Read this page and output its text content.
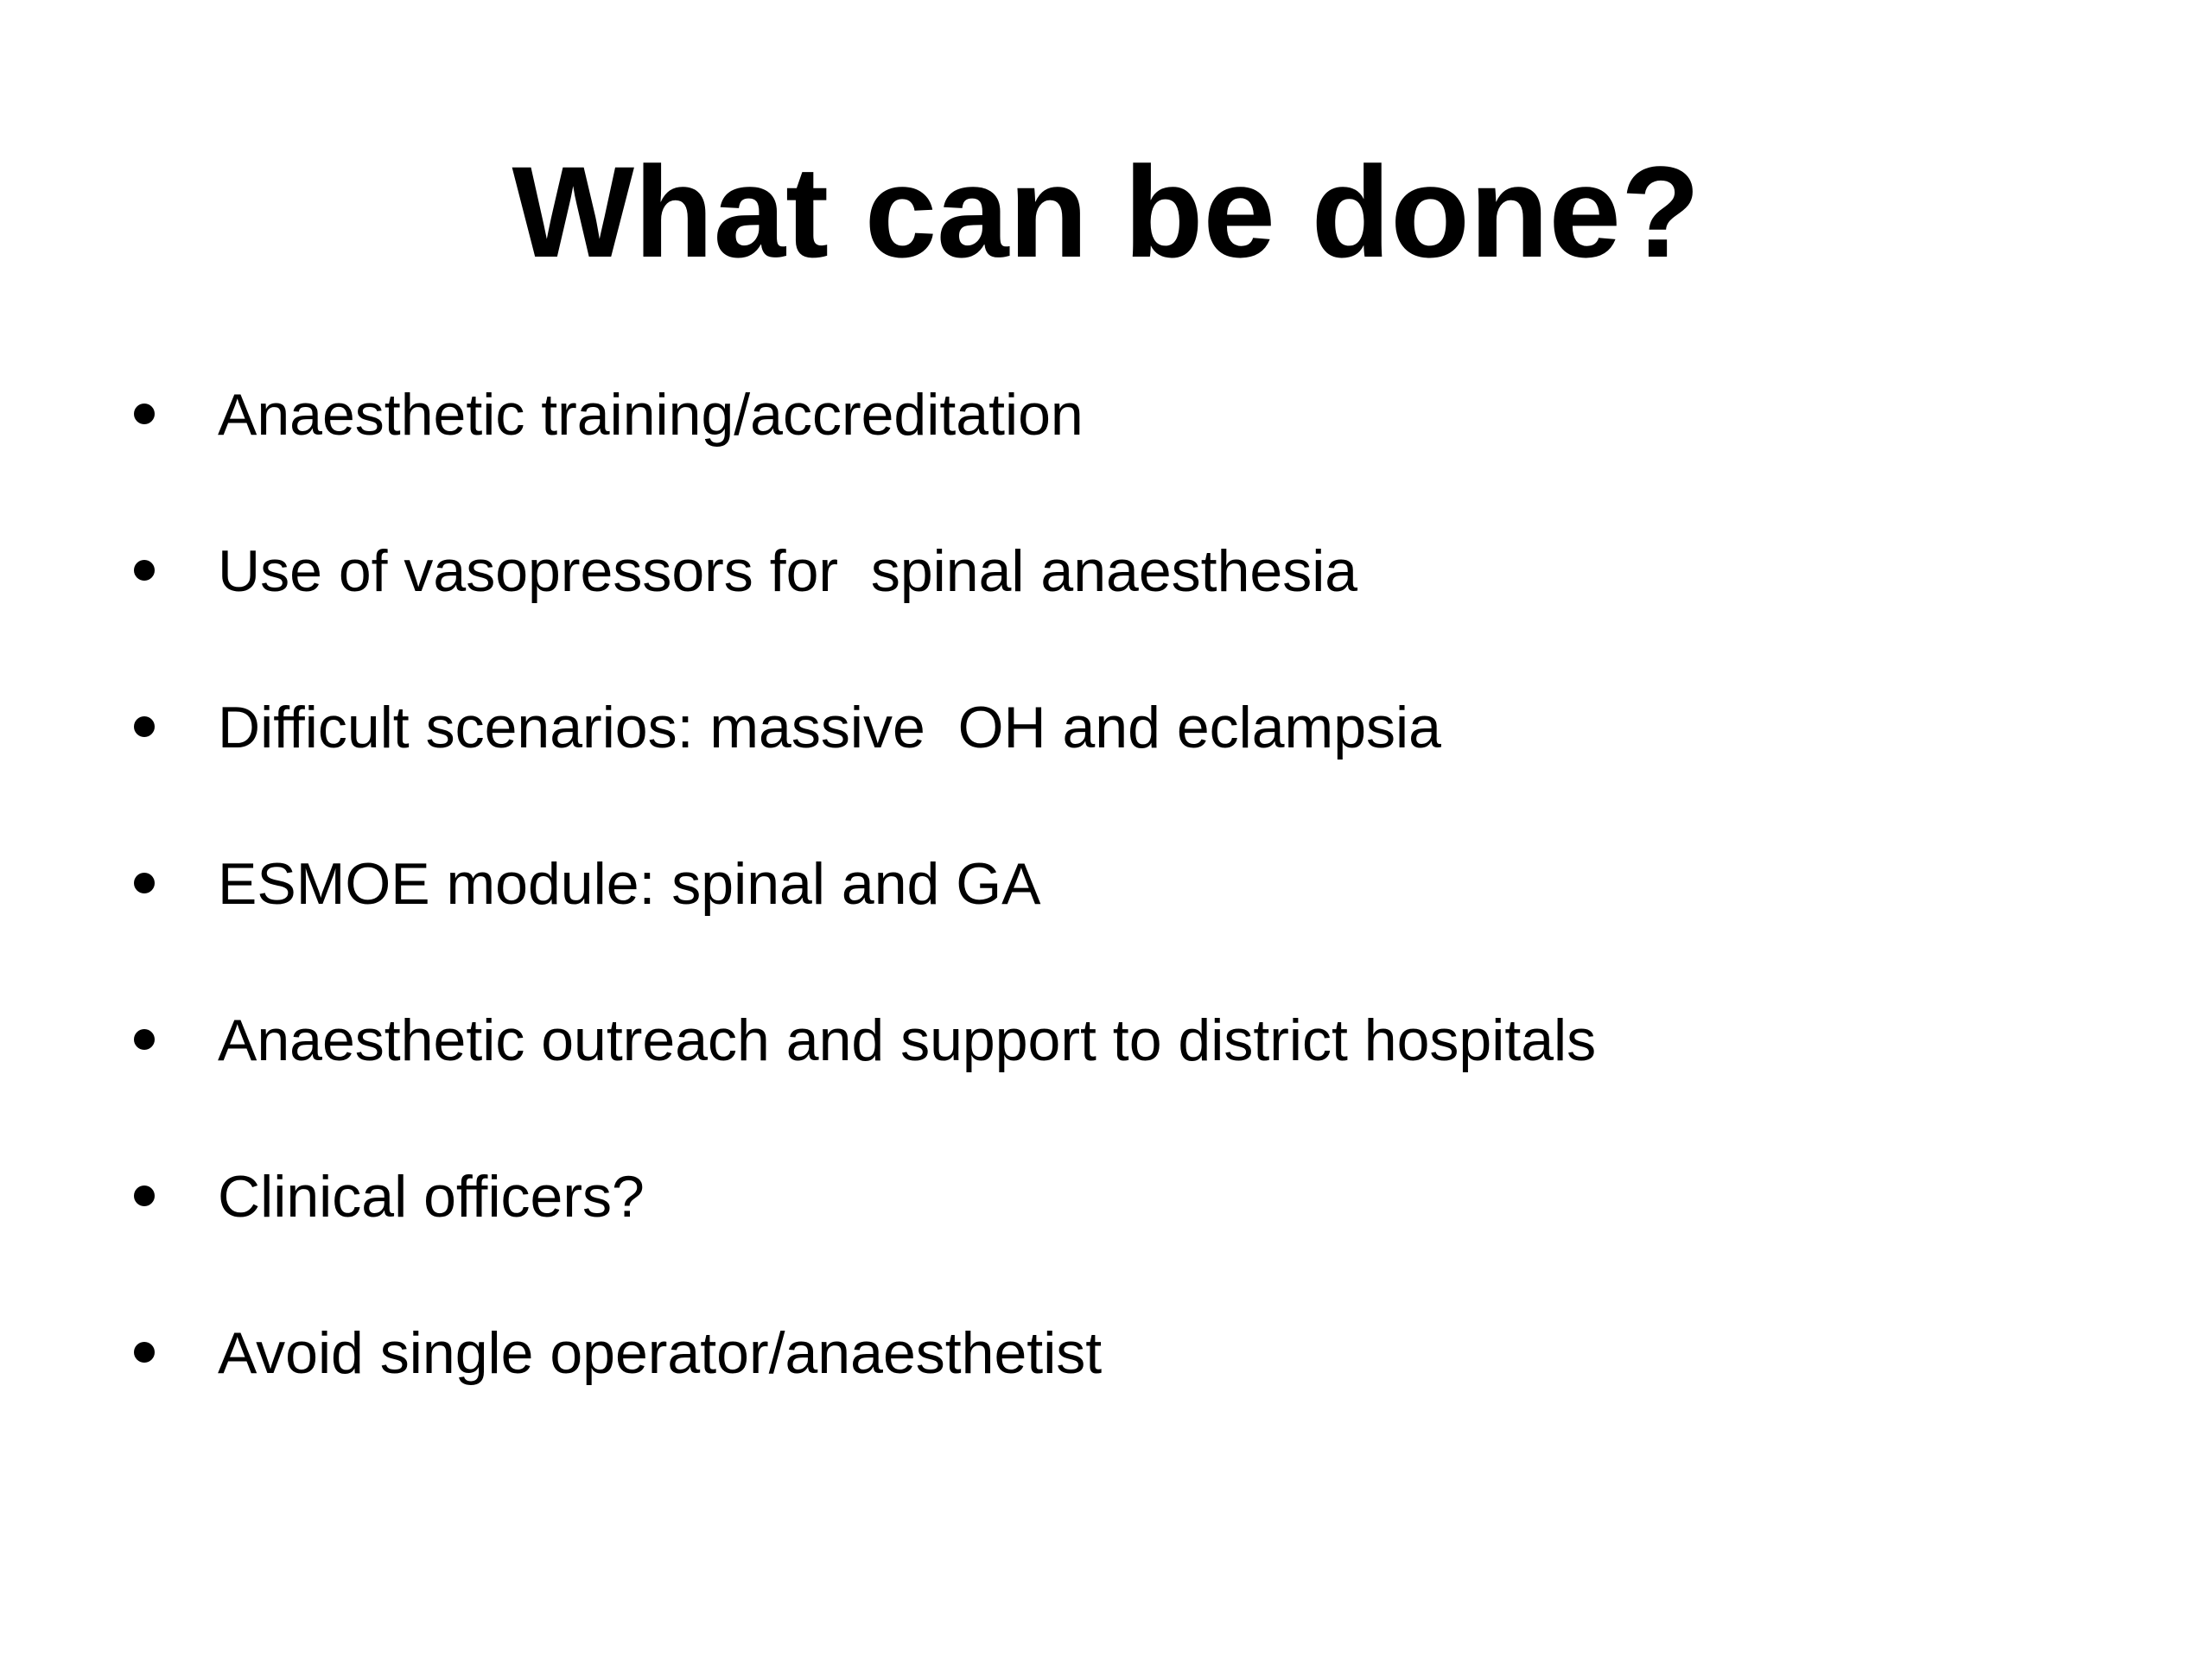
What can be done?
Anaesthetic training/accreditation
Use of vasopressors for  spinal anaesthesia
Difficult scenarios: massive  OH and eclampsia
ESMOE module: spinal and GA
Anaesthetic outreach and support to district hospitals
Clinical officers?
Avoid single operator/anaesthetist
